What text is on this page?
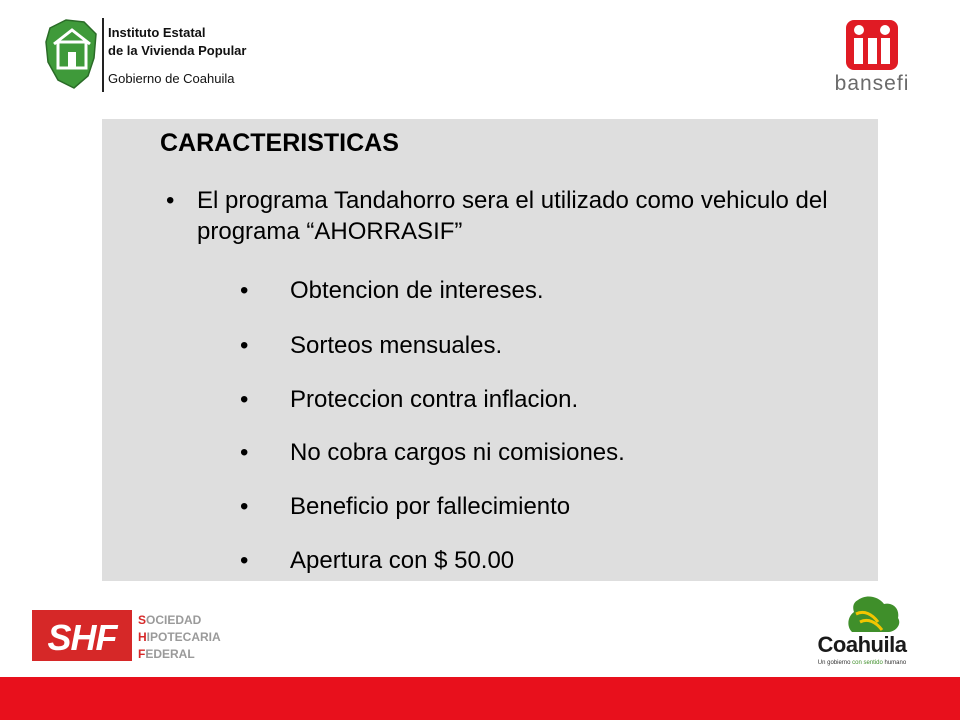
Instituto Estatal
de la Vivienda Popular
Gobierno de Coahuila	bansefi
CARACTERISTICAS
• El programa Tandahorro sera el utilizado como vehiculo del programa “AHORRASIF”
• Obtencion de intereses.
• Sorteos mensuales.
• Proteccion contra inflacion.
• No cobra cargos ni comisiones.
• Beneficio por fallecimiento
• Apertura con $ 50.00
SHF	SOCIEDAD
HIPOTECARIA
FEDERAL	Coahuila
Un gobierno con sentido humano
